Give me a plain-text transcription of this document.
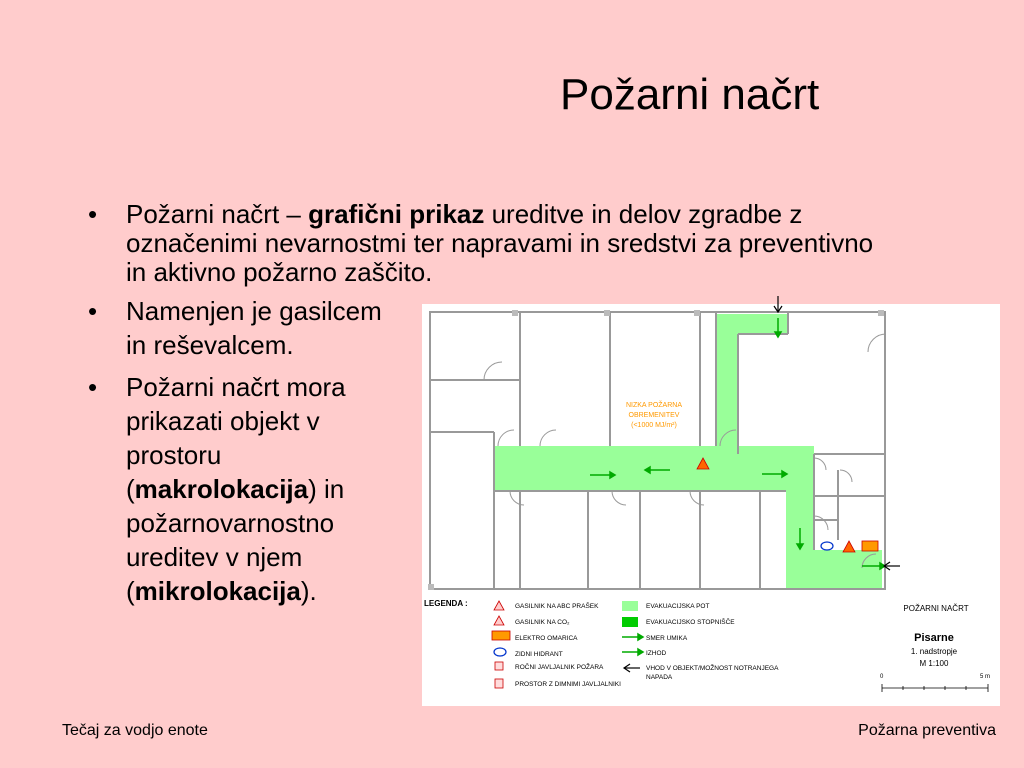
Požarni načrt
• Požarni načrt – grafični prikaz ureditve in delov zgradbe z označenimi nevarnostmi ter napravami in sredstvi za preventivno in aktivno požarno zaščito.
• Namenjen je gasilcem
in reševalcem.
• Požarni načrt mora
prikazati objekt v
prostoru
(makrolokacija) in
požarnovarnostno
ureditev v njem
(mikrolokacija).
NIZKA POŽARNA
OBREMENITEV
(<1000 MJ/m²)
LEGENDA :	GASILNIK NA ABC PRAŠEK
GASILNIK NA CO₂
ELEKTRO OMARICA
ZIDNI HIDRANT
ROČNI JAVLJALNIK POŽARA
PROSTOR Z DIMNIMI JAVLJALNIKI
EVAKUACIJSKA POT
EVAKUACIJSKO STOPNIŠČE
SMER UMIKA
IZHOD
VHOD V OBJEKT/MOŽNOST NOTRANJEGA
NAPADA
POŽARNI NAČRT
Pisarne
1. nadstropje
M 1:100
0	5 m
Tečaj za vodjo enote	Požarna preventiva
